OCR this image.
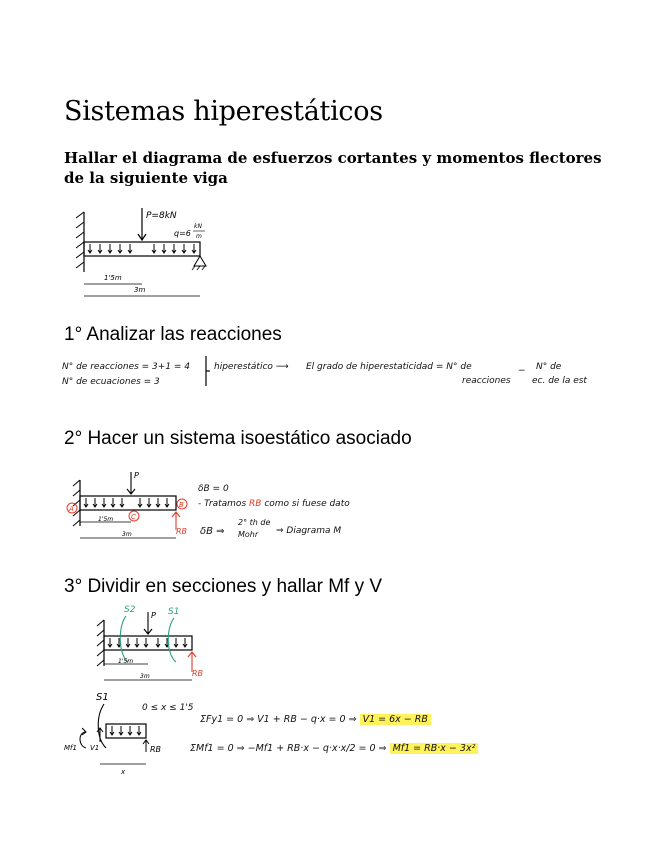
Sistemas hiperestáticos
Hallar el diagrama de esfuerzos cortantes y momentos flectores de la siguiente viga
P=8kN
q=6
kN
m
1'5m
3m
1° Analizar las reacciones
N° de reacciones = 3+1 = 4
N° de ecuaciones = 3
hiperestático ⟶ El grado de hiperestaticidad = N° de
reacciones
− N° de
ec. de la est
2° Hacer un sistema isoestático asociado
P
A	B
C
RB
1'5m
3m
δB = 0
- Tratamos RB como si fuese dato
δB ⇒
2° th de
Mohr ⇒ Diagrama M
3° Dividir en secciones y hallar Mf y V
P
S2	S1
RB
1'5m
3m
S1
Mf1 V1	RB
x
0 ≤ x ≤ 1'5
ΣFy1 = 0 ⇒ V1 + RB − q·x = 0 ⇒ V1 = 6x − RB
ΣMf1 = 0 ⇒ −Mf1 + RB·x − q·x·x/2 = 0 ⇒ Mf1 = RB·x − 3x²
